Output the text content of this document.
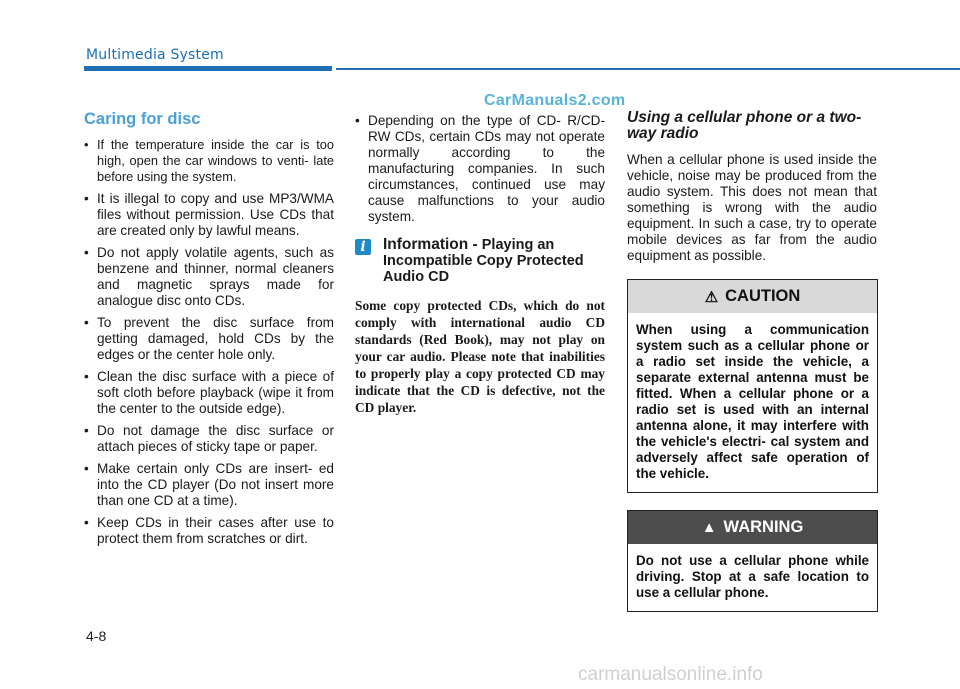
Multimedia System
CarManuals2.com
Caring for disc
• If the temperature inside the car is too high, open the car windows to venti- late before using the system.
• It is illegal to copy and use MP3/WMA files without permission. Use CDs that are created only by lawful means.
• Do not apply volatile agents, such as benzene and thinner, normal cleaners and magnetic sprays made for analogue disc onto CDs.
• To prevent the disc surface from getting damaged, hold CDs by the edges or the center hole only.
• Clean the disc surface with a piece of soft cloth before playback (wipe it from the center to the outside edge).
• Do not damage the disc surface or attach pieces of sticky tape or paper.
• Make certain only CDs are insert- ed into the CD player (Do not insert more than one CD at a time).
• Keep CDs in their cases after use to protect them from scratches or dirt.
• Depending on the type of CD- R/CD-RW CDs, certain CDs may not operate normally according to the manufacturing companies. In such circumstances, continued use may cause malfunctions to your audio system.
i	Information - Playing an Incompatible Copy Protected Audio CD
Some copy protected CDs, which do not comply with international audio CD standards (Red Book), may not play on your car audio. Please note that inabilities to properly play a copy protected CD may indicate that the CD is defective, not the CD player.
Using a cellular phone or a two-way radio

When a cellular phone is used inside the vehicle, noise may be produced from the audio system. This does not mean that something is wrong with the audio equipment. In such a case, try to operate mobile devices as far from the audio equipment as possible.

⚠ CAUTION
When using a communication system such as a cellular phone or a radio set inside the vehicle, a separate external antenna must be fitted. When a cellular phone or a radio set is used with an internal antenna alone, it may interfere with the vehicle's electri- cal system and adversely affect safe operation of the vehicle.
▲ WARNING
Do not use a cellular phone while driving. Stop at a safe location to use a cellular phone.
4-8
carmanualsonline.info
